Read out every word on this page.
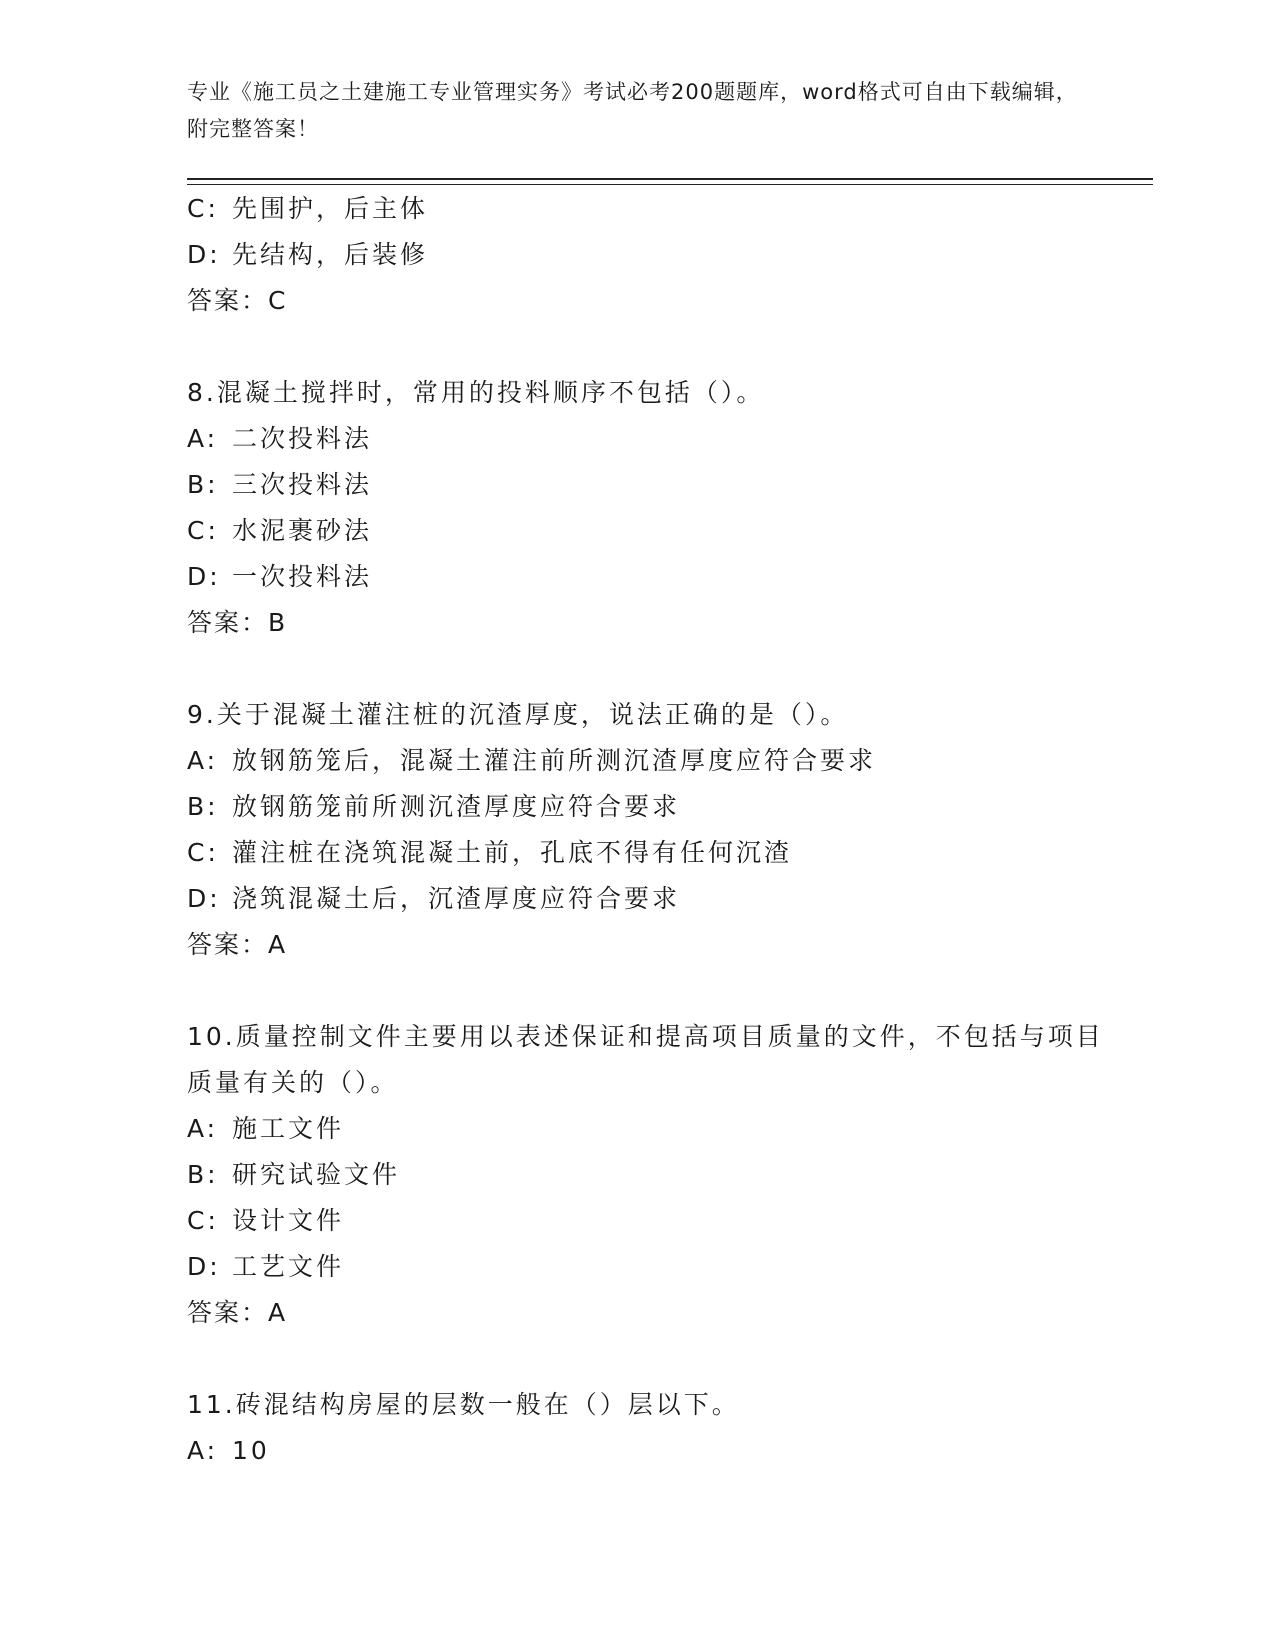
专业《施工员之土建施工专业管理实务》考试必考200题题库，word格式可自由下载编辑，附完整答案！
C: 先围护，后主体
D: 先结构，后装修
答案：C
8.混凝土搅拌时，常用的投料顺序不包括（）。
A: 二次投料法
B: 三次投料法
C: 水泥裹砂法
D: 一次投料法
答案：B
9.关于混凝土灌注桩的沉渣厚度，说法正确的是（）。
A: 放钢筋笼后，混凝土灌注前所测沉渣厚度应符合要求
B: 放钢筋笼前所测沉渣厚度应符合要求
C: 灌注桩在浇筑混凝土前，孔底不得有任何沉渣
D: 浇筑混凝土后，沉渣厚度应符合要求
答案：A
10.质量控制文件主要用以表述保证和提高项目质量的文件，不包括与项目质量有关的（）。
A: 施工文件
B: 研究试验文件
C: 设计文件
D: 工艺文件
答案：A
11.砖混结构房屋的层数一般在（）层以下。
A: 10
